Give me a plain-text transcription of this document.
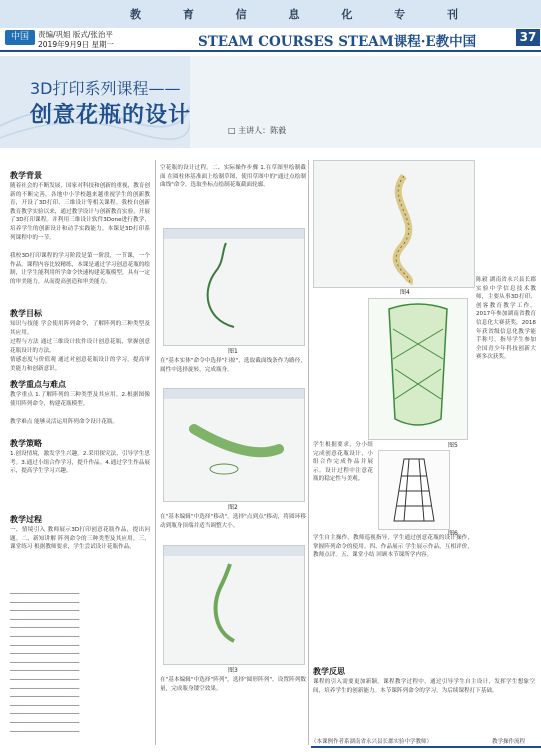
教	育	信	息	化	专	刊
中国	责编/巩姐 版式/张治平
2019年9月9日 星期一	STEAM COURSES STEAM课程·E教中国	37
3D打印系列课程——
创意花瓶的设计
□ 主讲人：陈毅
教学背景
随着社会的不断发展，国家对科技和创新的重视，教育创新的不断完善，各地中小学校越来越重视学生的创新教育，开设了3D打印、三维设计等相关课程。我校自创新教育教学实验以来，通过教学设计与创新教育实验，开展了3D打印课程。并利用三维设计软件3Done进行教学，培养学生的创新设计和动手实践能力。本课是3D打印系列课程中的一节。
我校3D打印课程的学习阶段是第一阶段，一节课，一个作品。课程内容比较精练，本课是通过学习创意花瓶的绘制，让学生能利用所学命令快速构建花瓶模型，具有一定的审美能力，从而提高创造和审美能力。
教学目标
知识与技能 学会使用阵列命令，了解阵列的三种类型及其应用。
过程与方法 通过三维设计软件设计创意花瓶，掌握创意花瓶设计的方法。
情感态度与价值观 通过对创意花瓶设计的学习，提高审美能力和创新意识。
教学重点与难点
教学重点 1.了解阵列的三种类型及其应用。2.根据图像使用阵列命令，构建花瓶模型。
教学难点 能够灵活运用阵列命令设计花瓶。
教学策略
1.创设情境，激发学生兴趣。2.采用探究法，引导学生思考。3.通过小组合作学习，提升作品。4.通过学生作品展示，提高学生学习兴趣。
教学过程
一、情境引入 教师展示3D打印创意花瓶作品，提出问题。二、新知讲解 阵列命令的三种类型及其应用。三、课堂练习 根据教师要求，学生尝试设计花瓶作品。
━━━━━━━━━━━━━━━━━━━━━━━
━━━━━━━━━━━━━━━━━━━━━━━
━━━━━━━━━━━━━━━━━━━━━━━
━━━━━━━━━━━━━━━━━━━━━━━
━━━━━━━━━━━━━━━━━━━━━━━
━━━━━━━━━━━━━━━━━━━━━━━
━━━━━━━━━━━━━━━━━━━━━━━
━━━━━━━━━━━━━━━━━━━━━━━
━━━━━━━━━━━━━━━━━━━━━━━
━━━━━━━━━━━━━━━━━━━━━━━
━━━━━━━━━━━━━━━━━━━━━━━
━━━━━━━━━━━━━━━━━━━━━━━
━━━━━━━━━━━━━━━━━━━━━━━
━━━━━━━━━━━━━━━━━━━━━━━
━━━━━━━━━━━━━━━━━━━━━━━
━━━━━━━━━━━━━━━━━━━━━━━
━━━━━━━━━━━━━━━━━━━━━━━
空花瓶的设计过程。二、实际操作步骤 1.在草图里绘制截面 在圆柱体基准面上绘制草图，使用草图中的"通过点绘制曲线"命令，选取坐标点绘制花瓶截面轮廓。
图1
在"基本实体"命令中选择"扫掠"，选取截面线条作为路径，属性中选择旋转，完成瓶身。
图2
在"基本编辑"中选择"移动"，选择"点到点"移动，将圆环移动到瓶身顶端并适当调整大小。
图3
在"基本编辑"中选择"阵列"，选择"圆形阵列"，设置阵列数量，完成瓶身镂空效果。
图4
图5
学生根据要求，分小组完成创意花瓶设计，小组合作完成作品并展示。设计过程中注意花瓶的稳定性与美观。
图6
陈毅 湖南省永兴县长郡实验中学信息技术教师，主要从事3D打印、创客教育教学工作。2017年参加湖南省教育信息化大赛获奖，2018年获省级信息化教学能手称号，指导学生参加全国青少年科技创新大赛多次获奖。
学生自主操作，教师巡视指导，学生通过创意花瓶的设计操作，掌握阵列命令的使用。四、作品展示 学生展示作品，互相评价，教师点评。五、课堂小结 回顾本节课所学内容。
教学反思
课程的引入需要更加新颖。课程教学过程中，通过引导学生自主设计，发挥学生想象空间，培养学生的创新能力。本节课阵列命令的学习，为后续课程打下基础。
（本课例作者系湖南省永兴县长郡实验中学教师）	教学操作流程
